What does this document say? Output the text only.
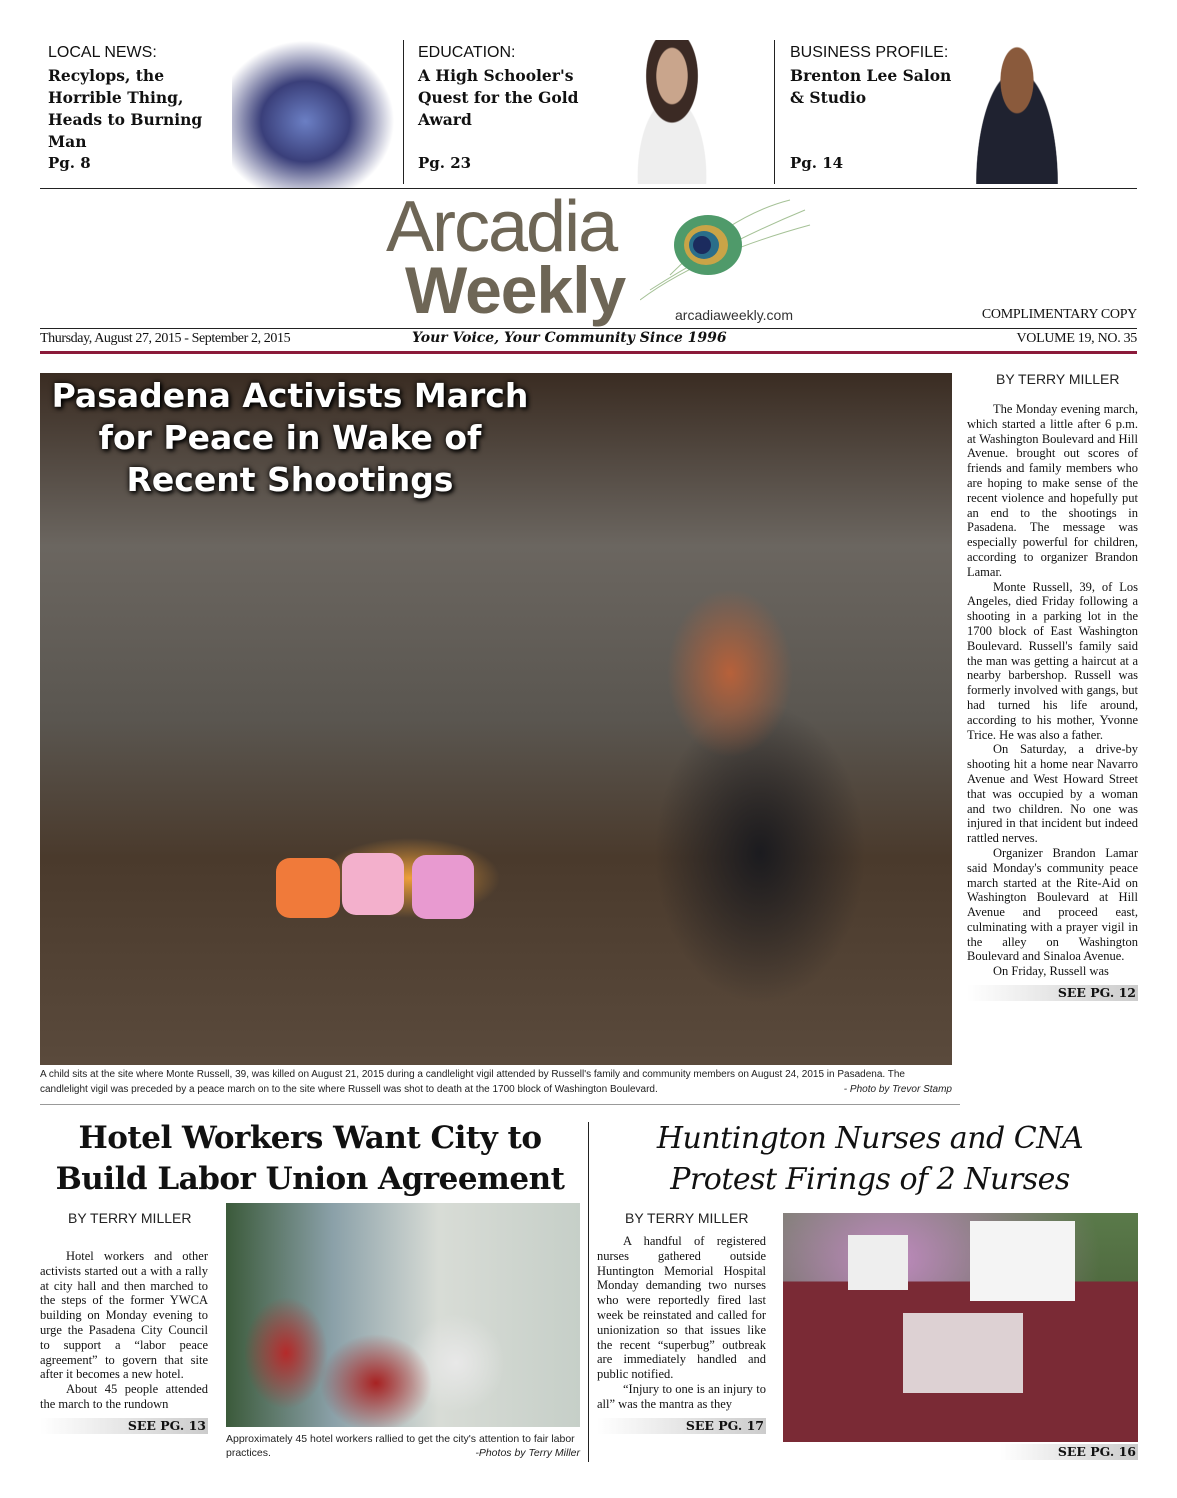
LOCAL NEWS:
Recylops, the Horrible Thing, Heads to Burning Man
Pg. 8
EDUCATION:
A High Schooler's Quest for the Gold Award
Pg. 23
BUSINESS PROFILE:
Brenton Lee Salon & Studio
Pg. 14
Arcadia
Weekly	arcadiaweekly.com	COMPLIMENTARY COPY
Thursday, August 27, 2015 - September 2, 2015	Your Voice, Your Community Since 1996	VOLUME 19, NO. 35
Pasadena Activists March for Peace in Wake of Recent Shootings
A child sits at the site where Monte Russell, 39, was killed on August 21, 2015 during a candlelight vigil attended by Russell's family and community members on August 24, 2015 in Pasadena. The candlelight vigil was preceded by a peace march on to the site where Russell was shot to death at the 1700 block of Washington Boulevard.	- Photo by Trevor Stamp
BY TERRY MILLER

The Monday evening march, which started a little after 6 p.m. at Washington Boulevard and Hill Avenue. brought out scores of friends and family members who are hoping to make sense of the recent violence and hopefully put an end to the shootings in Pasadena. The message was especially powerful for children, according to organizer Brandon Lamar.

Monte Russell, 39, of Los Angeles, died Friday following a shooting in a parking lot in the 1700 block of East Washington Boulevard. Russell's family said the man was getting a haircut at a nearby barbershop. Russell was formerly involved with gangs, but had turned his life around, according to his mother, Yvonne Trice. He was also a father.

On Saturday, a drive-by shooting hit a home near Navarro Avenue and West Howard Street that was occupied by a woman and two children. No one was injured in that incident but indeed rattled nerves.

Organizer Brandon Lamar said Monday's community peace march started at the Rite-Aid on Washington Boulevard at Hill Avenue and proceed east, culminating with a prayer vigil in the alley on Washington Boulevard and Sinaloa Avenue.

On Friday, Russell was

SEE PG. 12
Hotel Workers Want City to Build Labor Union Agreement
BY TERRY MILLER

Hotel workers and other activists started out a with a rally at city hall and then marched to the steps of the former YWCA building on Monday evening to urge the Pasadena City Council to support a “labor peace agreement” to govern that site after it becomes a new hotel.

About 45 people attended the march to the rundown

SEE PG. 13
Approximately 45 hotel workers rallied to get the city's attention to fair labor practices.	-Photos by Terry Miller
Huntington Nurses and CNA Protest Firings of 2 Nurses
BY TERRY MILLER

A handful of registered nurses gathered outside Huntington Memorial Hospital Monday demanding two nurses who were reportedly fired last week be reinstated and called for unionization so that issues like the recent “superbug” outbreak are immediately handled and public notified.

“Injury to one is an injury to all” was the mantra as they

SEE PG. 17
SEE PG. 16
